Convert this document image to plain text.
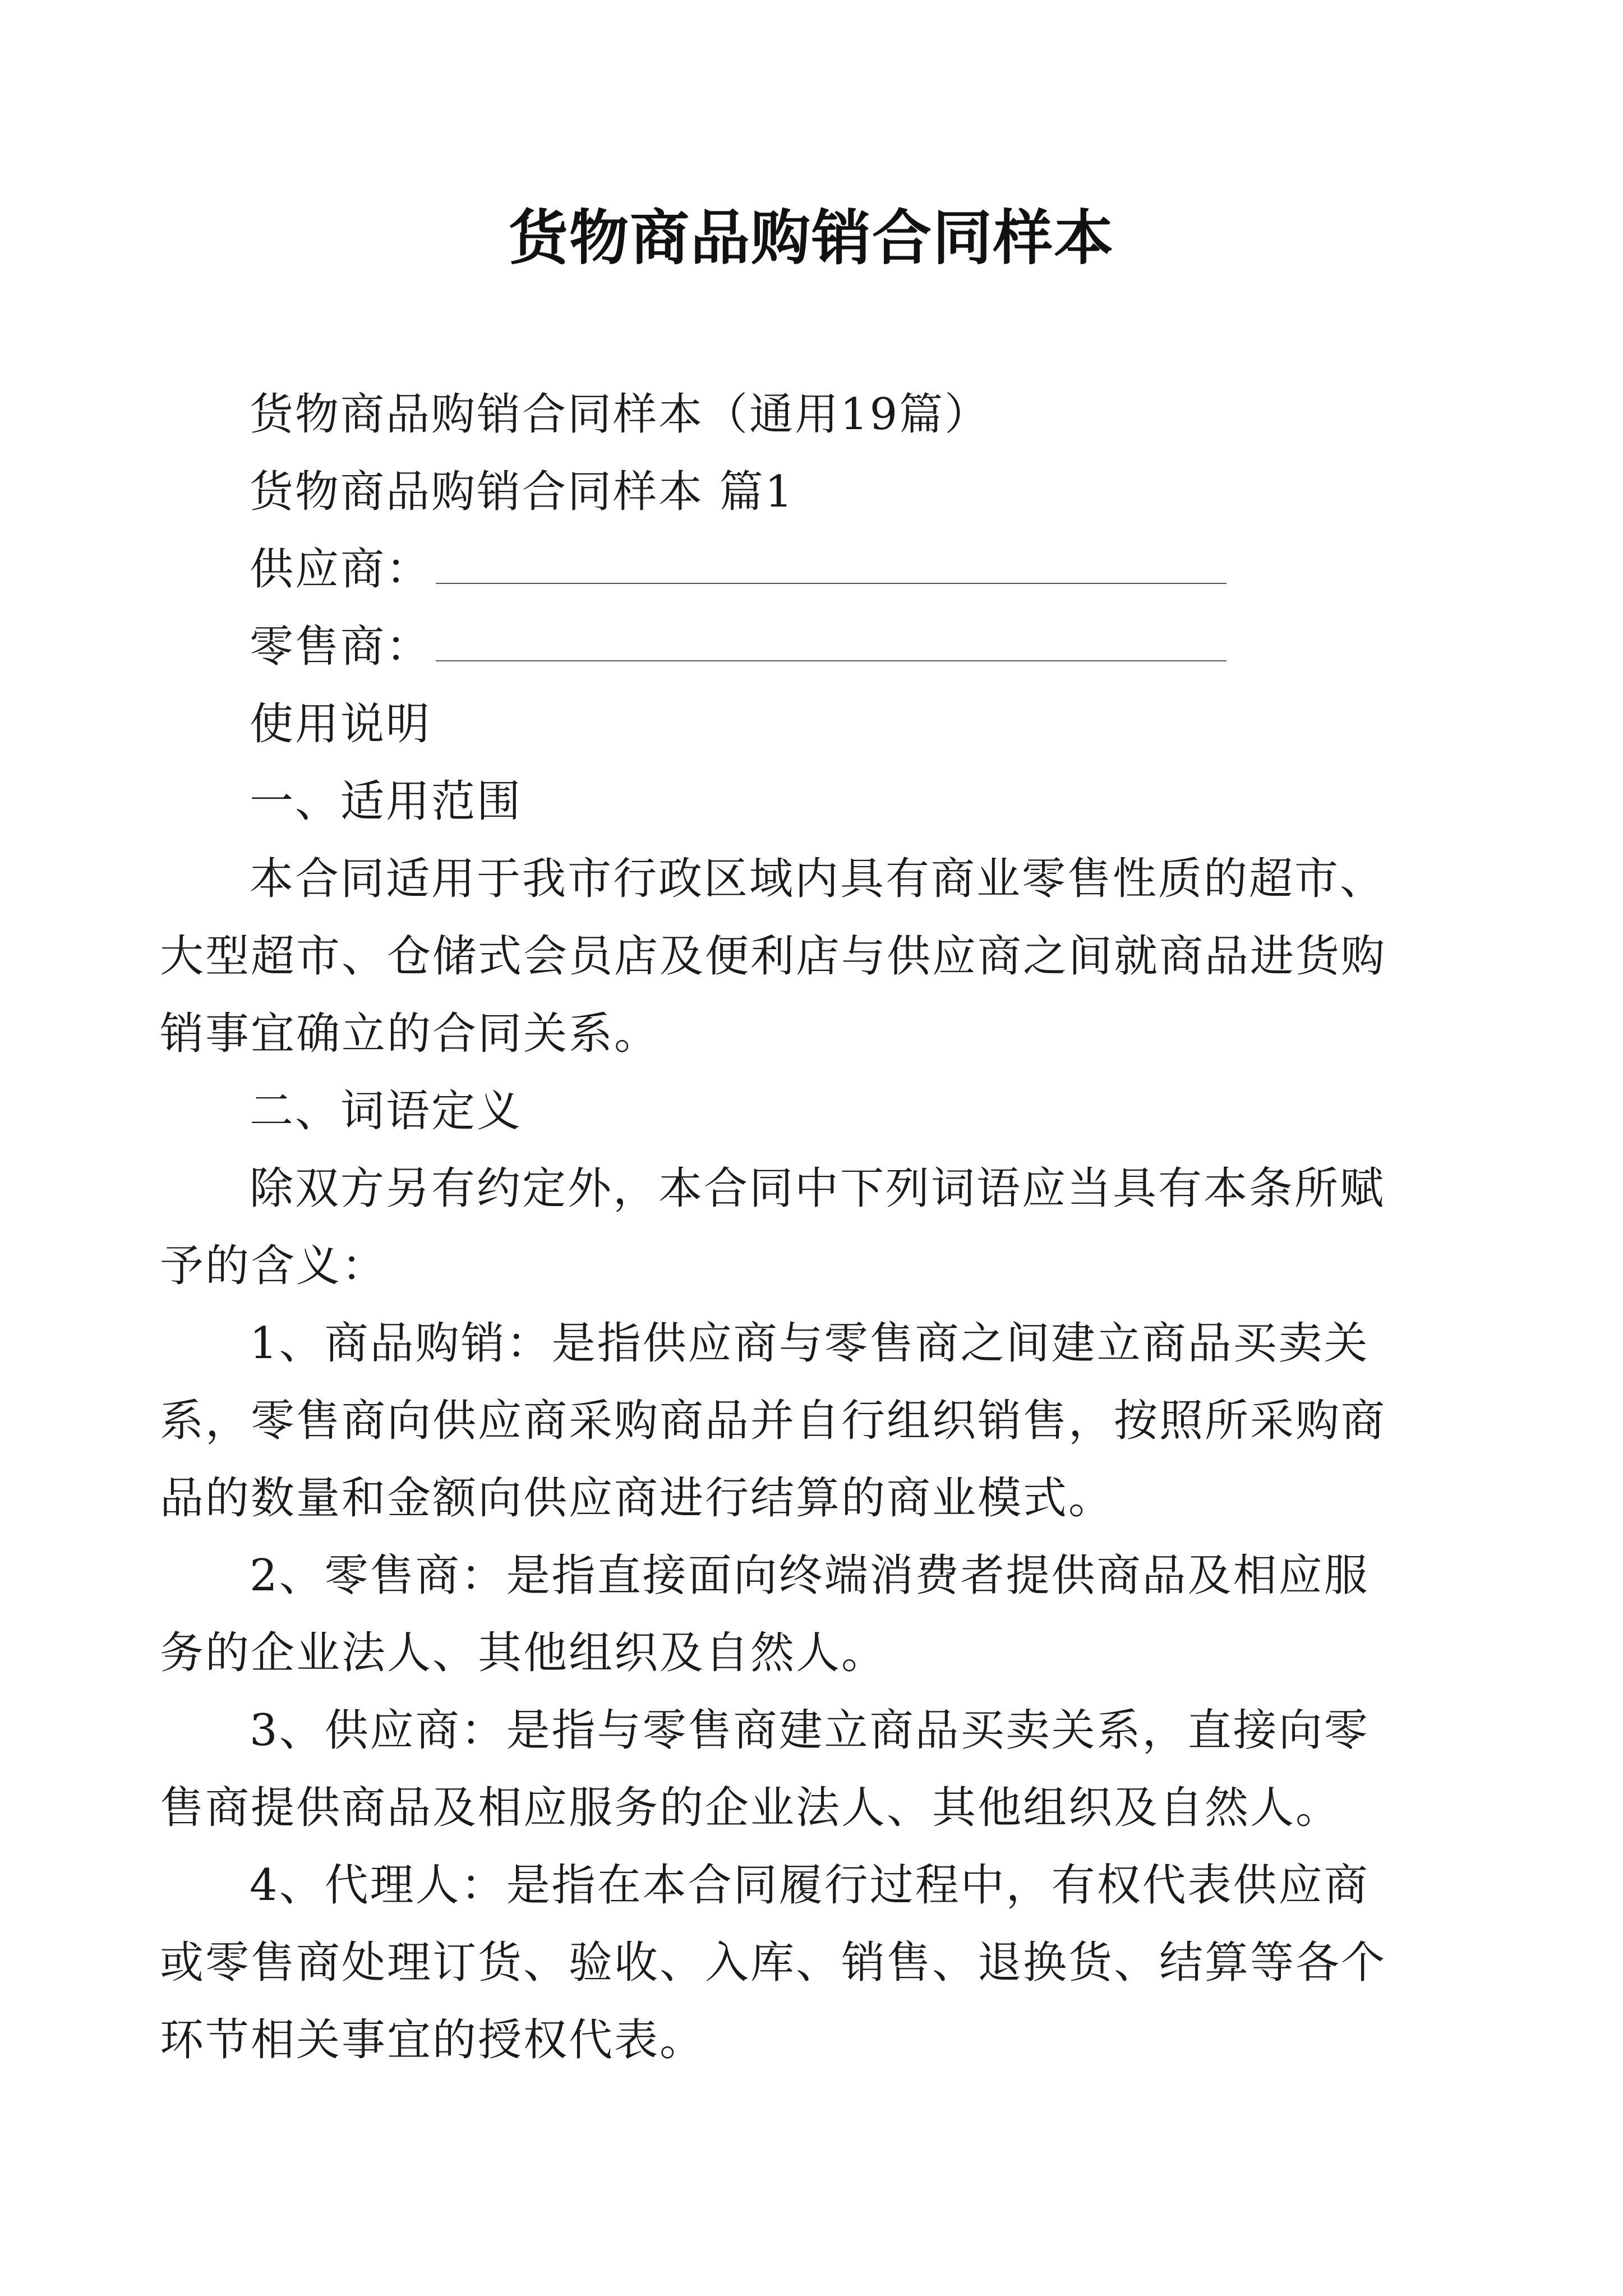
货物商品购销合同样本

货物商品购销合同样本（通用19篇）

货物商品购销合同样本 篇1

供应商：

零售商：

使用说明

一、适用范围

本合同适用于我市行政区域内具有商业零售性质的超市、大型超市、仓储式会员店及便利店与供应商之间就商品进货购销事宜确立的合同关系。

二、词语定义

除双方另有约定外，本合同中下列词语应当具有本条所赋予的含义：

1、商品购销：是指供应商与零售商之间建立商品买卖关系，零售商向供应商采购商品并自行组织销售，按照所采购商品的数量和金额向供应商进行结算的商业模式。

2、零售商：是指直接面向终端消费者提供商品及相应服务的企业法人、其他组织及自然人。

3、供应商：是指与零售商建立商品买卖关系，直接向零售商提供商品及相应服务的企业法人、其他组织及自然人。

4、代理人：是指在本合同履行过程中，有权代表供应商或零售商处理订货、验收、入库、销售、退换货、结算等各个环节相关事宜的授权代表。
